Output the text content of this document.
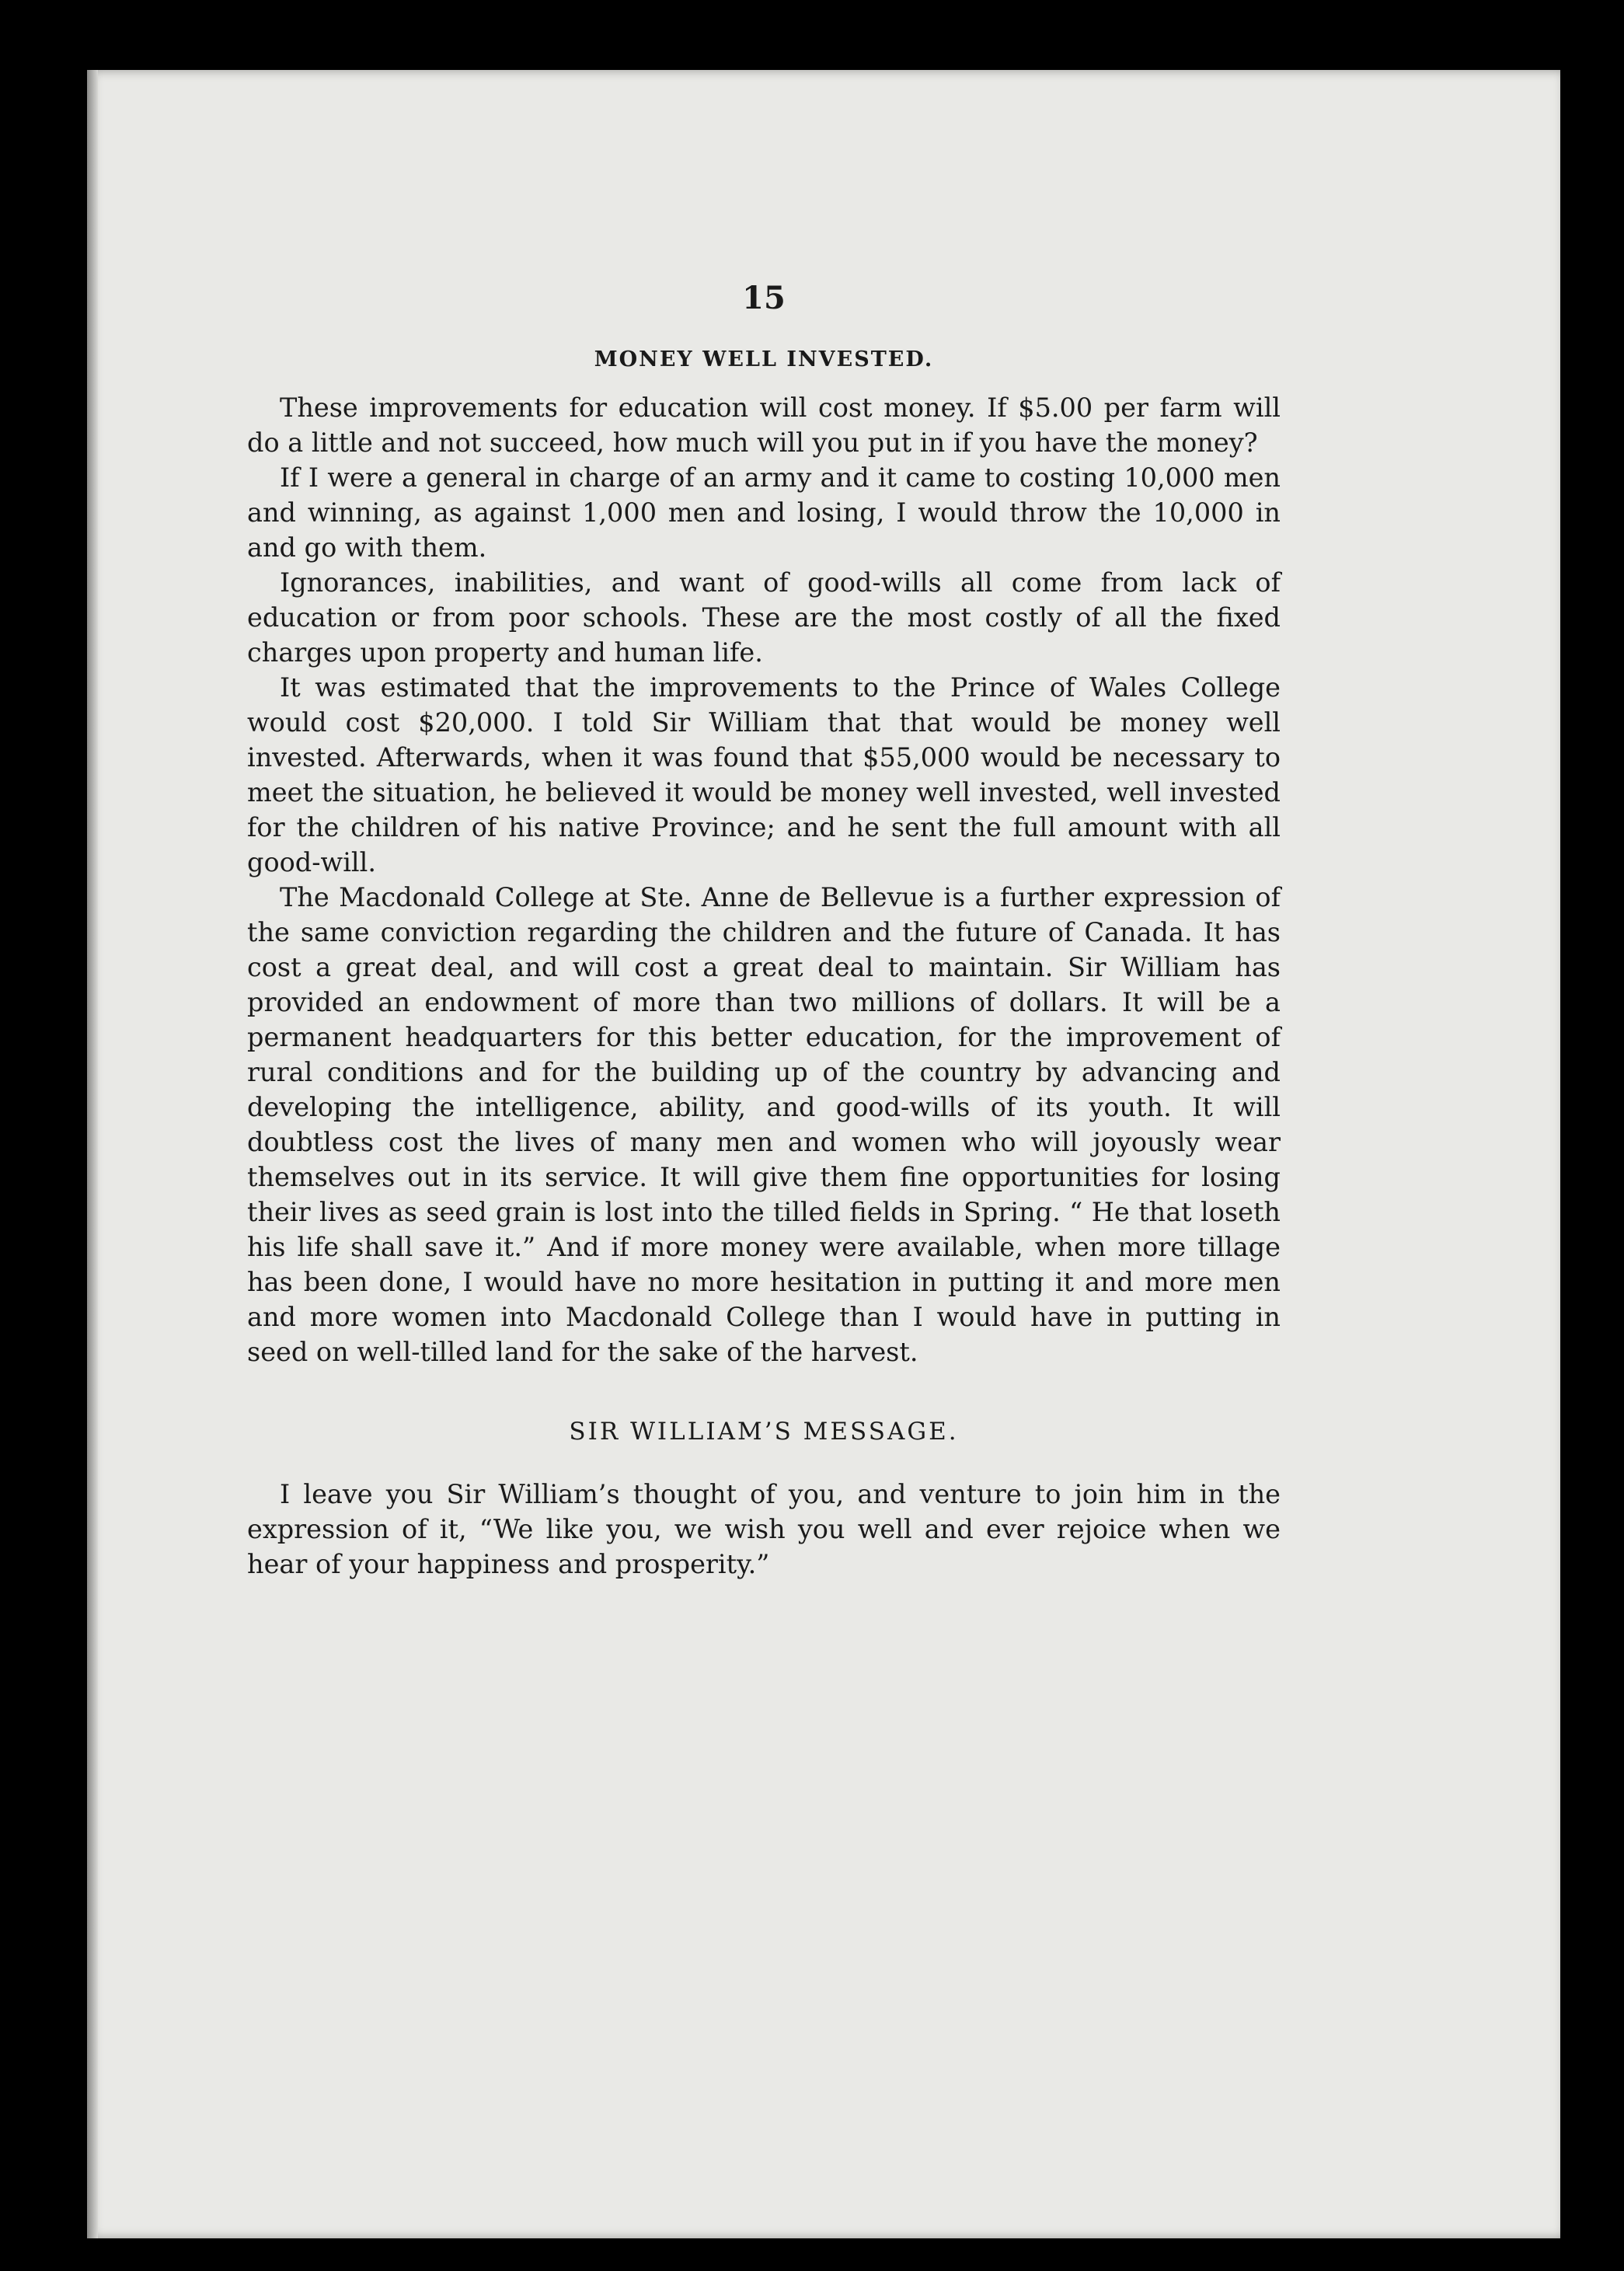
15
MONEY WELL INVESTED.

These improvements for education will cost money. If $5.00 per farm will do a little and not succeed, how much will you put in if you have the money?

If I were a general in charge of an army and it came to costing 10,000 men and winning, as against 1,000 men and losing, I would throw the 10,000 in and go with them.

Ignorances, inabilities, and want of good-wills all come from lack of education or from poor schools. These are the most costly of all the fixed charges upon property and human life.

It was estimated that the improvements to the Prince of Wales College would cost $20,000. I told Sir William that that would be money well invested. Afterwards, when it was found that $55,000 would be necessary to meet the situation, he believed it would be money well invested, well invested for the children of his native Province; and he sent the full amount with all good-will.

The Macdonald College at Ste. Anne de Bellevue is a further expression of the same conviction regarding the children and the future of Canada. It has cost a great deal, and will cost a great deal to maintain. Sir William has provided an endowment of more than two millions of dollars. It will be a permanent headquarters for this better education, for the improvement of rural conditions and for the building up of the country by advancing and developing the intelligence, ability, and good-wills of its youth. It will doubtless cost the lives of many men and women who will joyously wear themselves out in its service. It will give them fine opportunities for losing their lives as seed grain is lost into the tilled fields in Spring. “ He that loseth his life shall save it.” And if more money were available, when more tillage has been done, I would have no more hesitation in putting it and more men and more women into Macdonald College than I would have in putting in seed on well-tilled land for the sake of the harvest.

SIR WILLIAM’S MESSAGE.

I leave you Sir William’s thought of you, and venture to join him in the expression of it, “We like you, we wish you well and ever rejoice when we hear of your happiness and prosperity.”
